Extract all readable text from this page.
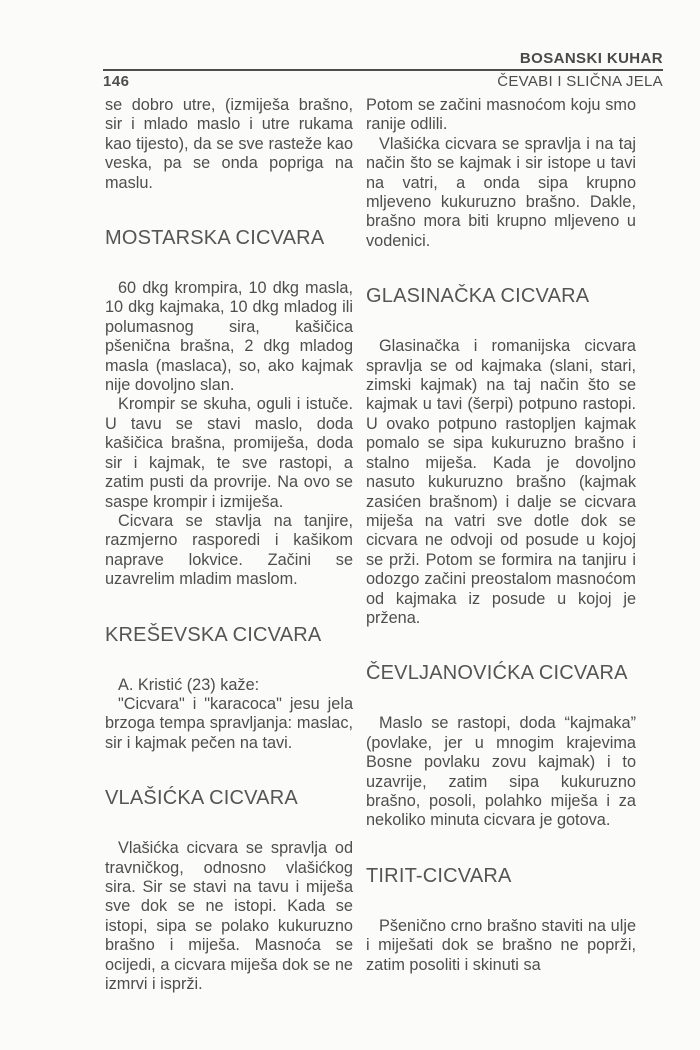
BOSANSKI KUHAR
146	ČEVABI I SLIČNA JELA

se dobro utre, (izmiješa brašno, sir i mlado maslo i utre rukama kao tijesto), da se sve rasteže kao veska, pa se onda popriga na maslu.

MOSTARSKA CICVARA

60 dkg krompira, 10 dkg masla, 10 dkg kajmaka, 10 dkg mladog ili polumasnog sira, kašičica pšenična brašna, 2 dkg mladog masla (maslaca), so, ako kajmak nije dovoljno slan.

Krompir se skuha, oguli i istuče. U tavu se stavi maslo, doda kašičica brašna, promiješa, doda sir i kajmak, te sve rastopi, a zatim pusti da provrije. Na ovo se saspe krompir i izmiješa.

Cicvara se stavlja na tanjire, razmjerno rasporedi i kašikom naprave lokvice. Začini se uzavrelim mladim maslom.

KREŠEVSKA CICVARA

A. Kristić (23) kaže:

"Cicvara" i "karacoca" jesu jela brzoga tempa spravljanja: maslac, sir i kajmak pečen na tavi.

VLAŠIĆKA CICVARA

Vlašićka cicvara se spravlja od travničkog, odnosno vlašićkog sira. Sir se stavi na tavu i miješa sve dok se ne istopi. Kada se istopi, sipa se polako kukuruzno brašno i miješa. Masnoća se ocijedi, a cicvara miješa dok se ne izmrvi i isprži.

Potom se začini masnoćom koju smo ranije odlili.

Vlašićka cicvara se spravlja i na taj način što se kajmak i sir istope u tavi na vatri, a onda sipa krupno mljeveno kukuruzno brašno. Dakle, brašno mora biti krupno mljeveno u vodenici.

GLASINAČKA CICVARA

Glasinačka i romanijska cicvara spravlja se od kajmaka (slani, stari, zimski kajmak) na taj način što se kajmak u tavi (šerpi) potpuno rastopi. U ovako potpuno rastopljen kajmak pomalo se sipa kukuruzno brašno i stalno miješa. Kada je dovoljno nasuto kukuruzno brašno (kajmak zasićen brašnom) i dalje se cicvara miješa na vatri sve dotle dok se cicvara ne odvoji od posude u kojoj se prži. Potom se formira na tanjiru i odozgo začini preostalom masnoćom od kajmaka iz posude u kojoj je pržena.

ČEVLJANOVIĆKA CICVARA

Maslo se rastopi, doda “kajmaka” (povlake, jer u mnogim krajevima Bosne povlaku zovu kajmak) i to uzavrije, zatim sipa kukuruzno brašno, posoli, polahko miješa i za nekoliko minuta cicvara je gotova.

TIRIT-CICVARA

Pšenično crno brašno staviti na ulje i miješati dok se brašno ne poprži, zatim posoliti i skinuti sa
